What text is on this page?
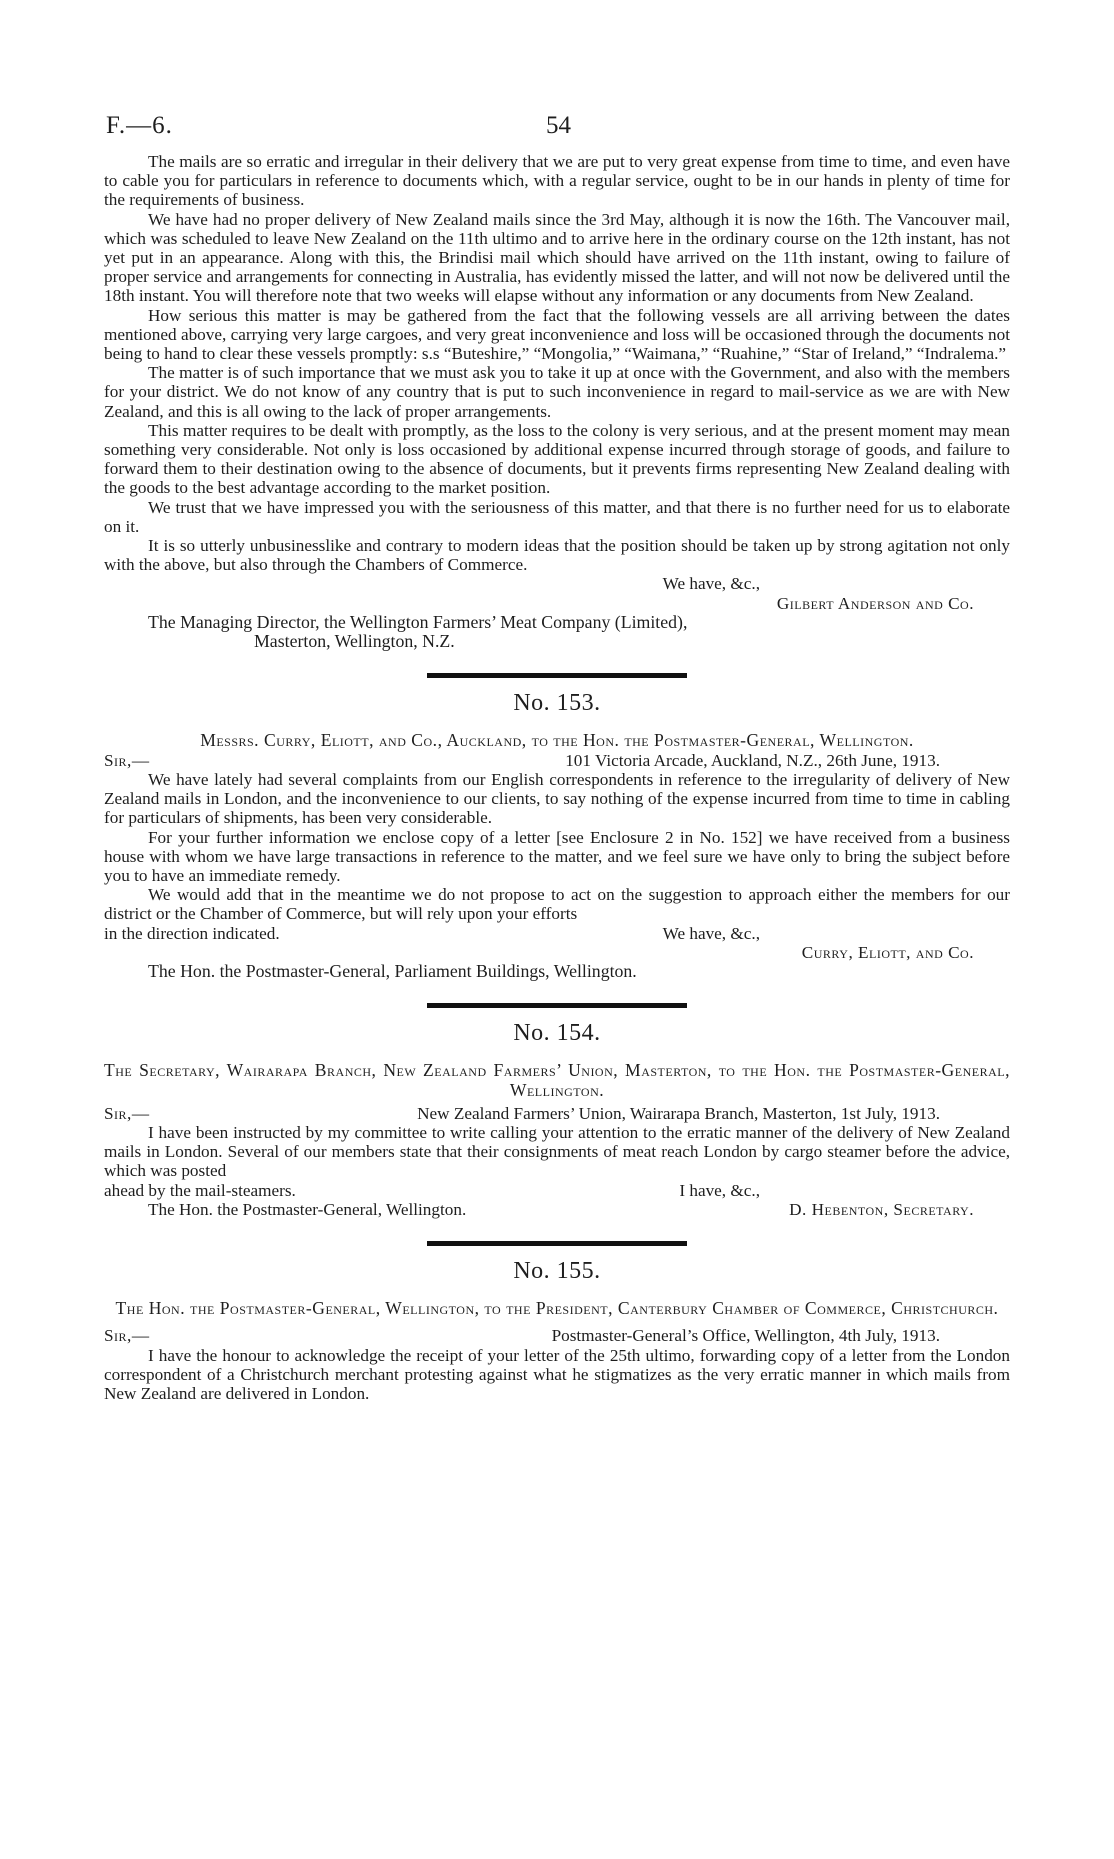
F.—6.	54

The mails are so erratic and irregular in their delivery that we are put to very great expense from time to time, and even have to cable you for particulars in reference to documents which, with a regular service, ought to be in our hands in plenty of time for the requirements of business.

We have had no proper delivery of New Zealand mails since the 3rd May, although it is now the 16th. The Vancouver mail, which was scheduled to leave New Zealand on the 11th ultimo and to arrive here in the ordinary course on the 12th instant, has not yet put in an appearance. Along with this, the Brindisi mail which should have arrived on the 11th instant, owing to failure of proper service and arrangements for connecting in Australia, has evidently missed the latter, and will not now be delivered until the 18th instant. You will therefore note that two weeks will elapse without any information or any documents from New Zealand.

How serious this matter is may be gathered from the fact that the following vessels are all arriving between the dates mentioned above, carrying very large cargoes, and very great inconvenience and loss will be occasioned through the documents not being to hand to clear these vessels promptly: s.s “Buteshire,” “Mongolia,” “Waimana,” “Ruahine,” “Star of Ireland,” “Indralema.”

The matter is of such importance that we must ask you to take it up at once with the Government, and also with the members for your district. We do not know of any country that is put to such inconvenience in regard to mail-service as we are with New Zealand, and this is all owing to the lack of proper arrangements.

This matter requires to be dealt with promptly, as the loss to the colony is very serious, and at the present moment may mean something very considerable. Not only is loss occasioned by additional expense incurred through storage of goods, and failure to forward them to their destination owing to the absence of documents, but it prevents firms representing New Zealand dealing with the goods to the best advantage according to the market position.

We trust that we have impressed you with the seriousness of this matter, and that there is no further need for us to elaborate on it.

It is so utterly unbusinesslike and contrary to modern ideas that the position should be taken up by strong agitation not only with the above, but also through the Chambers of Commerce.

We have, &c.,
Gilbert Anderson and Co.
The Managing Director, the Wellington Farmers’ Meat Company (Limited),
Masterton, Wellington, N.Z.
No. 153.
Messrs. Curry, Eliott, and Co., Auckland, to the Hon. the Postmaster-General, Wellington.
Sir,—	101 Victoria Arcade, Auckland, N.Z., 26th June, 1913.

We have lately had several complaints from our English correspondents in reference to the irregularity of delivery of New Zealand mails in London, and the inconvenience to our clients, to say nothing of the expense incurred from time to time in cabling for particulars of shipments, has been very considerable.

For your further information we enclose copy of a letter [see Enclosure 2 in No. 152] we have received from a business house with whom we have large transactions in reference to the matter, and we feel sure we have only to bring the subject before you to have an immediate remedy.

We would add that in the meantime we do not propose to act on the suggestion to approach either the members for our district or the Chamber of Commerce, but will rely upon your efforts

in the direction indicated.	We have, &c.,
Curry, Eliott, and Co.
The Hon. the Postmaster-General, Parliament Buildings, Wellington.
No. 154.
The Secretary, Wairarapa Branch, New Zealand Farmers’ Union, Masterton, to the Hon. the Postmaster-General, Wellington.
Sir,—	New Zealand Farmers’ Union, Wairarapa Branch, Masterton, 1st July, 1913.

I have been instructed by my committee to write calling your attention to the erratic manner of the delivery of New Zealand mails in London. Several of our members state that their consignments of meat reach London by cargo steamer before the advice, which was posted

ahead by the mail-steamers.	I have, &c.,
The Hon. the Postmaster-General, Wellington.	D. Hebenton, Secretary.
No. 155.
The Hon. the Postmaster-General, Wellington, to the President, Canterbury Chamber of Commerce, Christchurch.
Sir,—	Postmaster-General’s Office, Wellington, 4th July, 1913.

I have the honour to acknowledge the receipt of your letter of the 25th ultimo, forwarding copy of a letter from the London correspondent of a Christchurch merchant protesting against what he stigmatizes as the very erratic manner in which mails from New Zealand are delivered in London.
